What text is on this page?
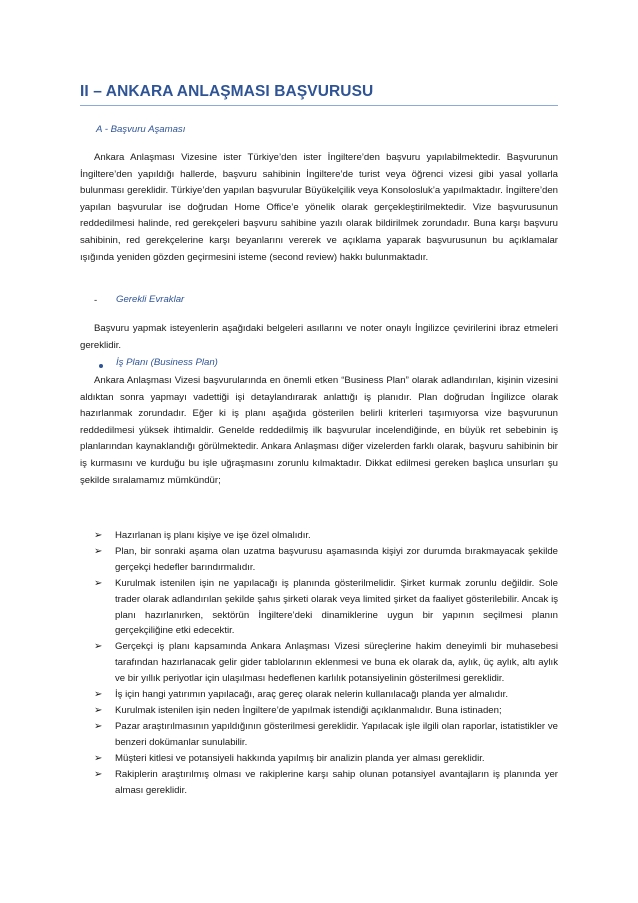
II – ANKARA ANLAŞMASI BAŞVURUSU
A - Başvuru Aşaması

Ankara Anlaşması Vizesine ister Türkiye’den ister İngiltere’den başvuru yapılabilmektedir. Başvurunun İngiltere’den yapıldığı hallerde, başvuru sahibinin İngiltere’de turist veya öğrenci vizesi gibi yasal yollarla bulunması gereklidir. Türkiye’den yapılan başvurular Büyükelçilik veya Konsolosluk’a yapılmaktadır. İngiltere’den yapılan başvurular ise doğrudan Home Office’e yönelik olarak gerçekleştirilmektedir. Vize başvurusunun reddedilmesi halinde, red gerekçeleri başvuru sahibine yazılı olarak bildirilmek zorundadır. Buna karşı başvuru sahibinin, red gerekçelerine karşı beyanlarını vererek ve açıklama yaparak başvurusunun bu açıklamalar ışığında yeniden gözden geçirmesini isteme (second review) hakkı bulunmaktadır.

- Gerekli Evraklar

Başvuru yapmak isteyenlerin aşağıdaki belgeleri asıllarını ve noter onaylı İngilizce çevirilerini ibraz etmeleri gereklidir.

İş Planı (Business Plan)

Ankara Anlaşması Vizesi başvurularında en önemli etken “Business Plan” olarak adlandırılan, kişinin vizesini aldıktan sonra yapmayı vadettiği işi detaylandırarak anlattığı iş planıdır. Plan doğrudan İngilizce olarak hazırlanmak zorundadır. Eğer ki iş planı aşağıda gösterilen belirli kriterleri taşımıyorsa vize başvurunun reddedilmesi yüksek ihtimaldir. Genelde reddedilmiş ilk başvurular incelendiğinde, en büyük ret sebebinin iş planlarından kaynaklandığı görülmektedir. Ankara Anlaşması diğer vizelerden farklı olarak, başvuru sahibinin bir iş kurmasını ve kurduğu bu işle uğraşmasını zorunlu kılmaktadır. Dikkat edilmesi gereken başlıca unsurları şu şekilde sıralamamız mümkündür;

➢ Hazırlanan iş planı kişiye ve işe özel olmalıdır.
➢ Plan, bir sonraki aşama olan uzatma başvurusu aşamasında kişiyi zor durumda bırakmayacak şekilde gerçekçi hedefler barındırmalıdır.
➢ Kurulmak istenilen işin ne yapılacağı iş planında gösterilmelidir. Şirket kurmak zorunlu değildir. Sole trader olarak adlandırılan şekilde şahıs şirketi olarak veya limited şirket da faaliyet gösterilebilir. Ancak iş planı hazırlanırken, sektörün İngiltere’deki dinamiklerine uygun bir yapının seçilmesi planın gerçekçiliğine etki edecektir.
➢ Gerçekçi iş planı kapsamında Ankara Anlaşması Vizesi süreçlerine hakim deneyimli bir muhasebesi tarafından hazırlanacak gelir gider tablolarının eklenmesi ve buna ek olarak da, aylık, üç aylık, altı aylık ve bir yıllık periyotlar için ulaşılması hedeflenen karlılık potansiyelinin gösterilmesi gereklidir.
➢ İş için hangi yatırımın yapılacağı, araç gereç olarak nelerin kullanılacağı planda yer almalıdır.
➢ Kurulmak istenilen işin neden İngiltere’de yapılmak istendiği açıklanmalıdır. Buna istinaden;
➢ Pazar araştırılmasının yapıldığının gösterilmesi gereklidir. Yapılacak işle ilgili olan raporlar, istatistikler ve benzeri dokümanlar sunulabilir.
➢ Müşteri kitlesi ve potansiyeli hakkında yapılmış bir analizin planda yer alması gereklidir.
➢ Rakiplerin araştırılmış olması ve rakiplerine karşı sahip olunan potansiyel avantajların iş planında yer alması gereklidir.
